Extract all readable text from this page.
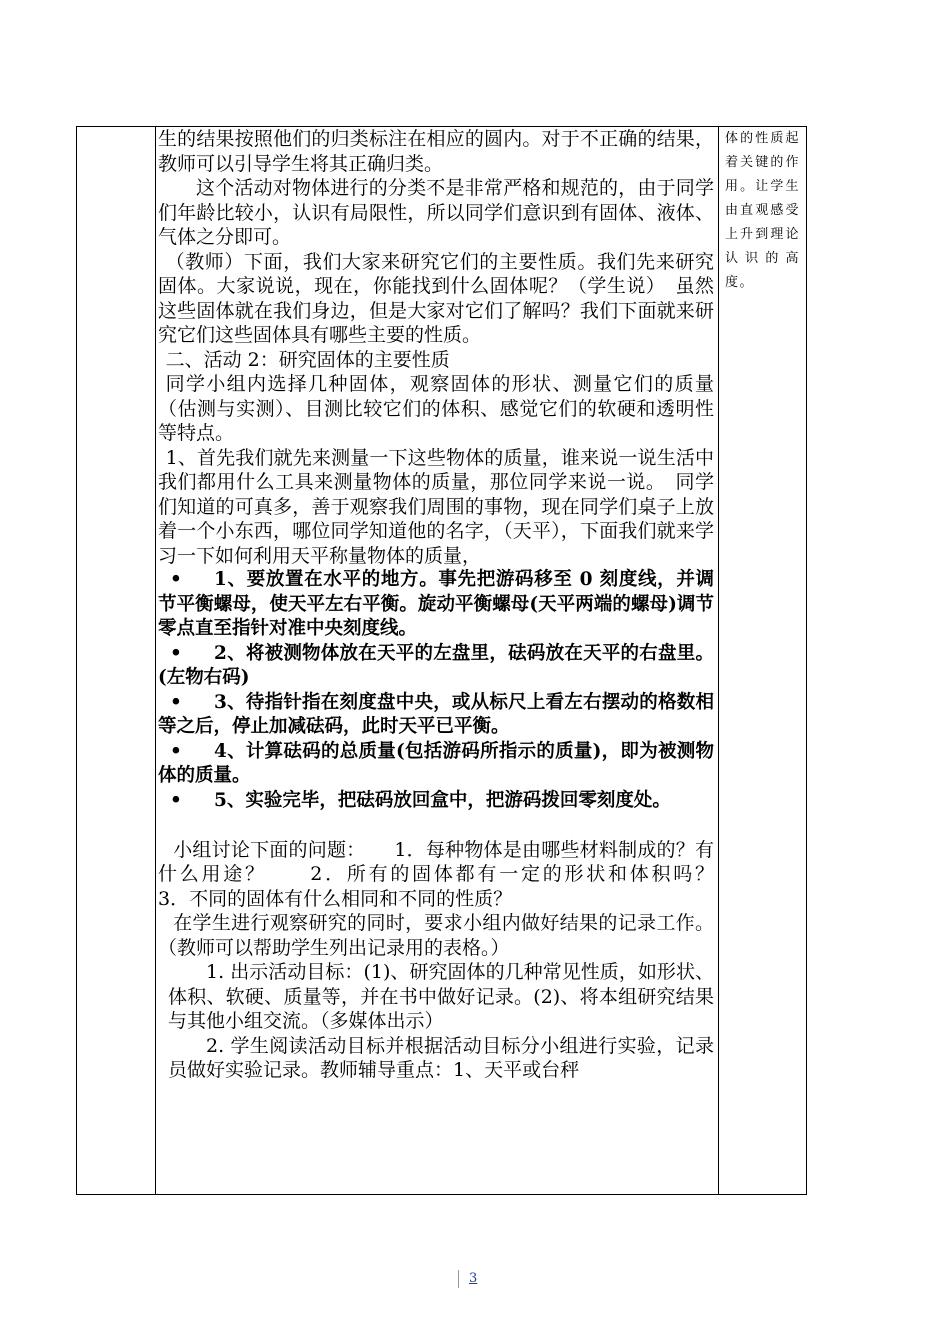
生的结果按照他们的归类标注在相应的圆内。对于不正确的结果，教师可以引导学生将其正确归类。

这个活动对物体进行的分类不是非常严格和规范的，由于同学们年龄比较小，认识有局限性，所以同学们意识到有固体、液体、气体之分即可。

（教师）下面，我们大家来研究它们的主要性质。我们先来研究固体。大家说说，现在，你能找到什么固体呢？（学生说）　虽然这些固体就在我们身边，但是大家对它们了解吗？我们下面就来研究它们这些固体具有哪些主要的性质。

二、活动 2：研究固体的主要性质

同学小组内选择几种固体，观察固体的形状、测量它们的质量（估测与实测）、目测比较它们的体积、感觉它们的软硬和透明性等特点。

1、首先我们就先来测量一下这些物体的质量，谁来说一说生活中我们都用什么工具来测量物体的质量，那位同学来说一说。　同学们知道的可真多，善于观察我们周围的事物，现在同学们桌子上放着一个小东西，哪位同学知道他的名字，（天平），下面我们就来学习一下如何利用天平称量物体的质量，

• 1、要放置在水平的地方。事先把游码移至 0 刻度线，并调节平衡螺母，使天平左右平衡。旋动平衡螺母(天平两端的螺母)调节零点直至指针对准中央刻度线。

• 2、将被测物体放在天平的左盘里，砝码放在天平的右盘里。(左物右码)

• 3、待指针指在刻度盘中央，或从标尺上看左右摆动的格数相等之后，停止加减砝码，此时天平已平衡。

• 4、计算砝码的总质量(包括游码所指示的质量)，即为被测物体的质量。

• 5、实验完毕，把砝码放回盒中，把游码拨回零刻度处。

小组讨论下面的问题：　　1．每种物体是由哪些材料制成的？有什么用途？　　2．所有的固体都有一定的形状和体积吗？　　3．不同的固体有什么相同和不同的性质？

在学生进行观察研究的同时，要求小组内做好结果的记录工作。（教师可以帮助学生列出记录用的表格。）

1. 出示活动目标：(1)、研究固体的几种常见性质，如形状、体积、软硬、质量等，并在书中做好记录。(2)、将本组研究结果与其他小组交流。（多媒体出示）

2. 学生阅读活动目标并根据活动目标分小组进行实验，记录员做好实验记录。教师辅导重点：1、天平或台秤

体的性质起着关键的作用。让学生由直观感受上升到理论认识的高度。
3
